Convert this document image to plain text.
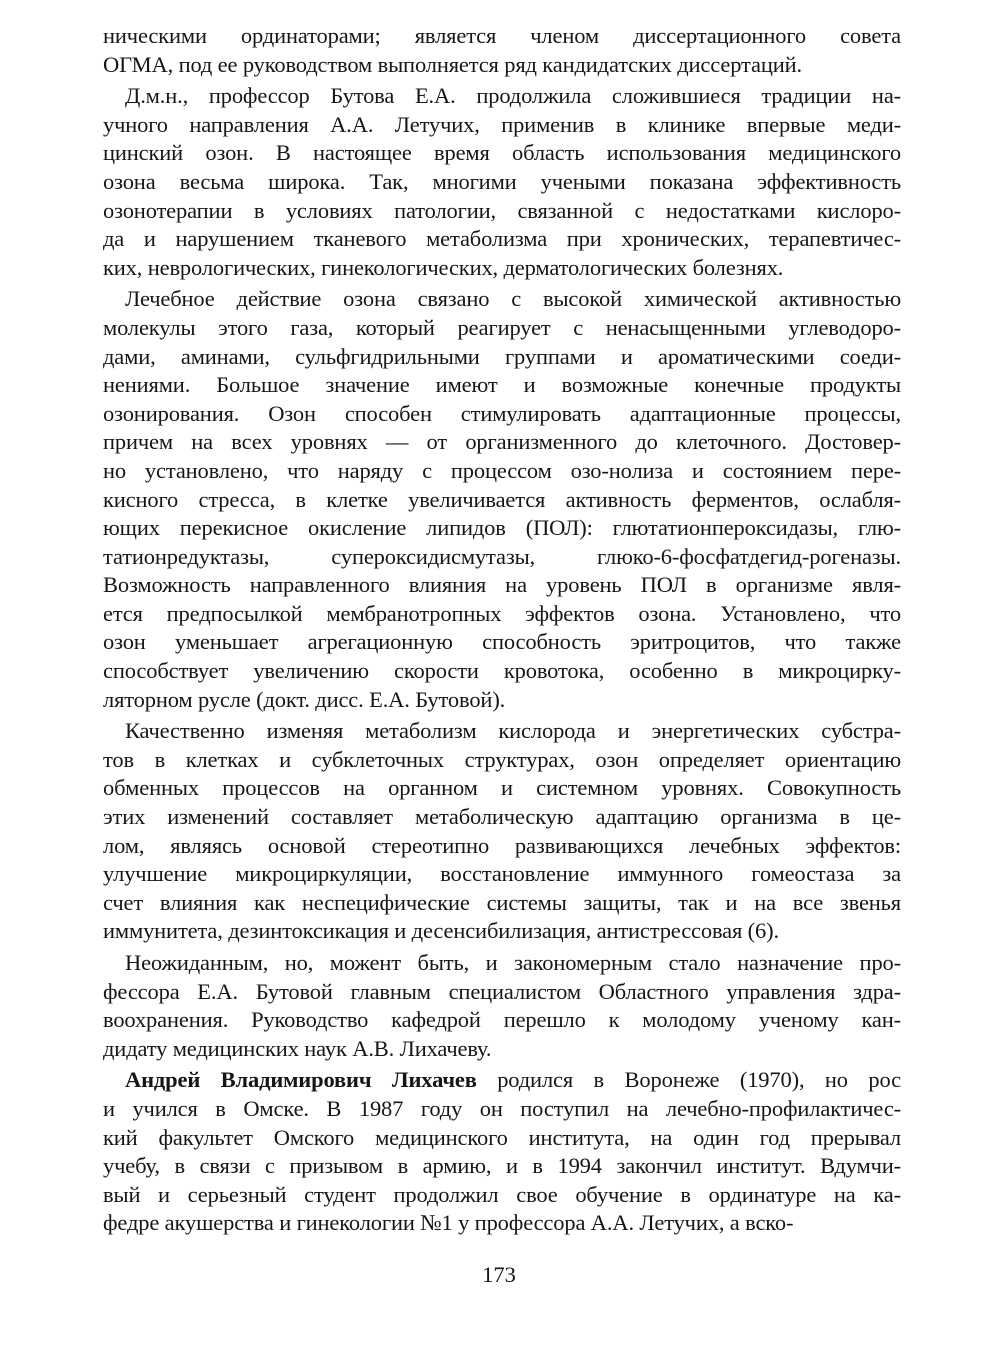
ническими ординаторами; является членом диссертационного совета
ОГМА, под ее руководством выполняется ряд кандидатских диссертаций.
Д.м.н., профессор Бутова Е.А. продолжила сложившиеся традиции на-
учного направления А.А. Летучих, применив в клинике впервые меди-
цинский озон. В настоящее время область использования медицинского
озона весьма широка. Так, многими учеными показана эффективность
озонотерапии в условиях патологии, связанной с недостатками кислоро-
да и нарушением тканевого метаболизма при хронических, терапевтичес-
ких, неврологических, гинекологических, дерматологических болезнях.
Лечебное действие озона связано с высокой химической активностью
молекулы этого газа, который реагирует с ненасыщенными углеводоро-
дами, аминами, сульфгидрильными группами и ароматическими соеди-
нениями. Большое значение имеют и возможные конечные продукты
озонирования. Озон способен стимулировать адаптационные процессы,
причем на всех уровнях — от организменного до клеточного. Достовер-
но установлено, что наряду с процессом озо-нолиза и состоянием пере-
кисного стресса, в клетке увеличивается активность ферментов, ослабля-
ющих перекисное окисление липидов (ПОЛ): глютатионпероксидазы, глю-
татионредуктазы, супероксидисмутазы, глюко-6-фосфатдегид-рогеназы.
Возможность направленного влияния на уровень ПОЛ в организме явля-
ется предпосылкой мембранотропных эффектов озона. Установлено, что
озон уменьшает агрегационную способность эритроцитов, что также
способствует увеличению скорости кровотока, особенно в микроцирку-
ляторном русле (докт. дисс. Е.А. Бутовой).
Качественно изменяя метаболизм кислорода и энергетических субстра-
тов в клетках и субклеточных структурах, озон определяет ориентацию
обменных процессов на органном и системном уровнях. Совокупность
этих изменений составляет метаболическую адаптацию организма в це-
лом, являясь основой стереотипно развивающихся лечебных эффектов:
улучшение микроциркуляции, восстановление иммунного гомеостаза за
счет влияния как неспецифические системы защиты, так и на все звенья
иммунитета, дезинтоксикация и десенсибилизация, антистрессовая (6).
Неожиданным, но, можент быть, и закономерным стало назначение про-
фессора Е.А. Бутовой главным специалистом Областного управления здра-
воохранения. Руководство кафедрой перешло к молодому ученому кан-
дидату медицинских наук А.В. Лихачеву.
Андрей Владимирович Лихачев родился в Воронеже (1970), но рос
и учился в Омске. В 1987 году он поступил на лечебно-профилактичес-
кий факультет Омского медицинского института, на один год прерывал
учебу, в связи с призывом в армию, и в 1994 закончил институт. Вдумчи-
вый и серьезный студент продолжил свое обучение в ординатуре на ка-
федре акушерства и гинекологии №1 у профессора А.А. Летучих, а вско-
173
